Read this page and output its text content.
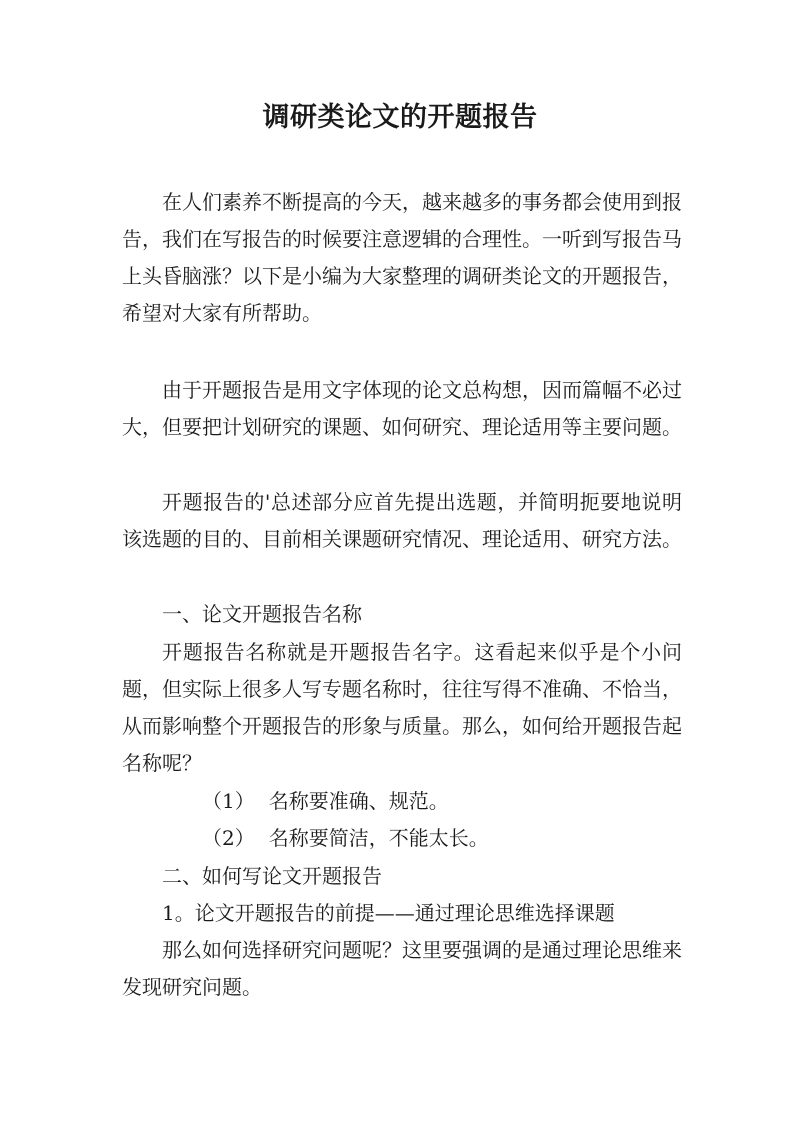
调研类论文的开题报告

在人们素养不断提高的今天，越来越多的事务都会使用到报告，我们在写报告的时候要注意逻辑的合理性。一听到写报告马上头昏脑涨？以下是小编为大家整理的调研类论文的开题报告，希望对大家有所帮助。

由于开题报告是用文字体现的论文总构想，因而篇幅不必过大，但要把计划研究的课题、如何研究、理论适用等主要问题。

开题报告的'总述部分应首先提出选题，并简明扼要地说明该选题的目的、目前相关课题研究情况、理论适用、研究方法。

一、论文开题报告名称

开题报告名称就是开题报告名字。这看起来似乎是个小问题，但实际上很多人写专题名称时，往往写得不准确、不恰当，从而影响整个开题报告的形象与质量。那么，如何给开题报告起名称呢？

（1） 名称要准确、规范。

（2） 名称要简洁，不能太长。

二、如何写论文开题报告

1。论文开题报告的前提——通过理论思维选择课题

那么如何选择研究问题呢？这里要强调的是通过理论思维来发现研究问题。
